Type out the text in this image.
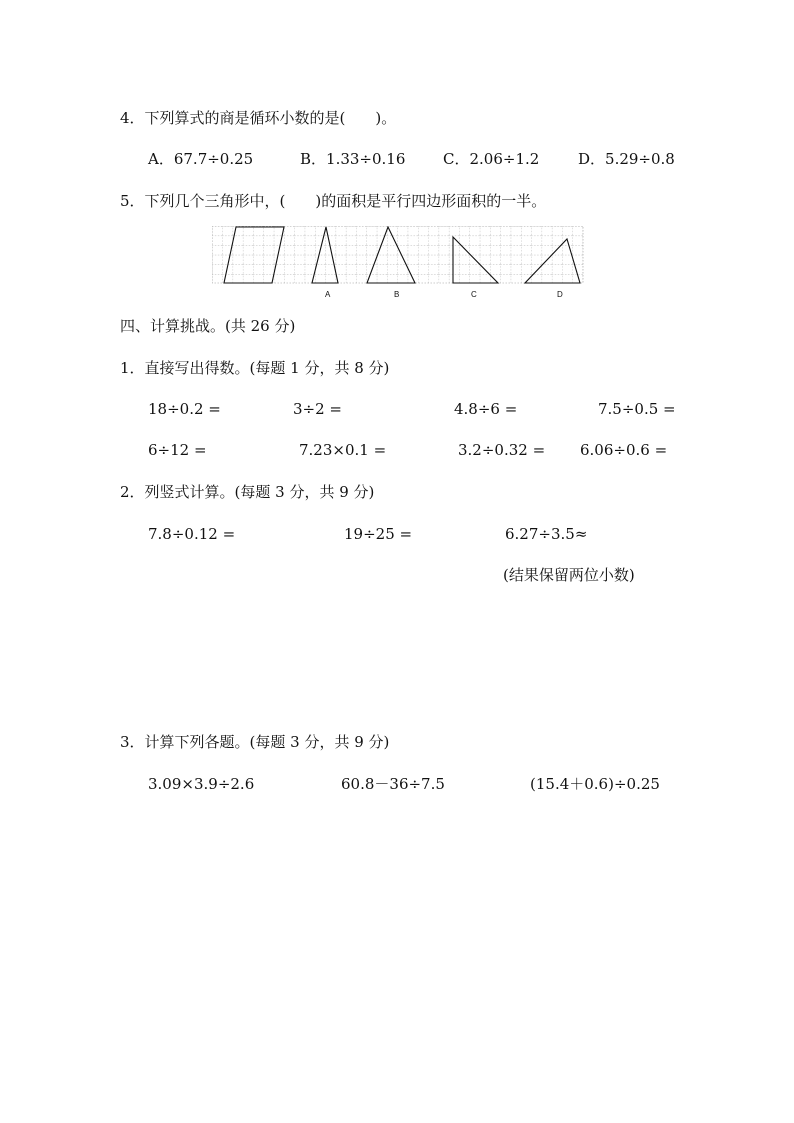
4．下列算式的商是循环小数的是(　　)。
A．67.7÷0.25	B．1.33÷0.16	C．2.06÷1.2	D．5.29÷0.8
5．下列几个三角形中，(　　)的面积是平行四边形面积的一半。
A	B	C	D
四、计算挑战。(共 26 分)
1．直接写出得数。(每题 1 分，共 8 分)
18÷0.2 =	3÷2 =	4.8÷6 =	7.5÷0.5 =
6÷12 =	7.23×0.1 =	3.2÷0.32 = 6.06÷0.6 =
2．列竖式计算。(每题 3 分，共 9 分)
7.8÷0.12 =	19÷25 =	6.27÷3.5≈
(结果保留两位小数)
3．计算下列各题。(每题 3 分，共 9 分)
3.09×3.9÷2.6	60.8－36÷7.5	(15.4＋0.6)÷0.25
